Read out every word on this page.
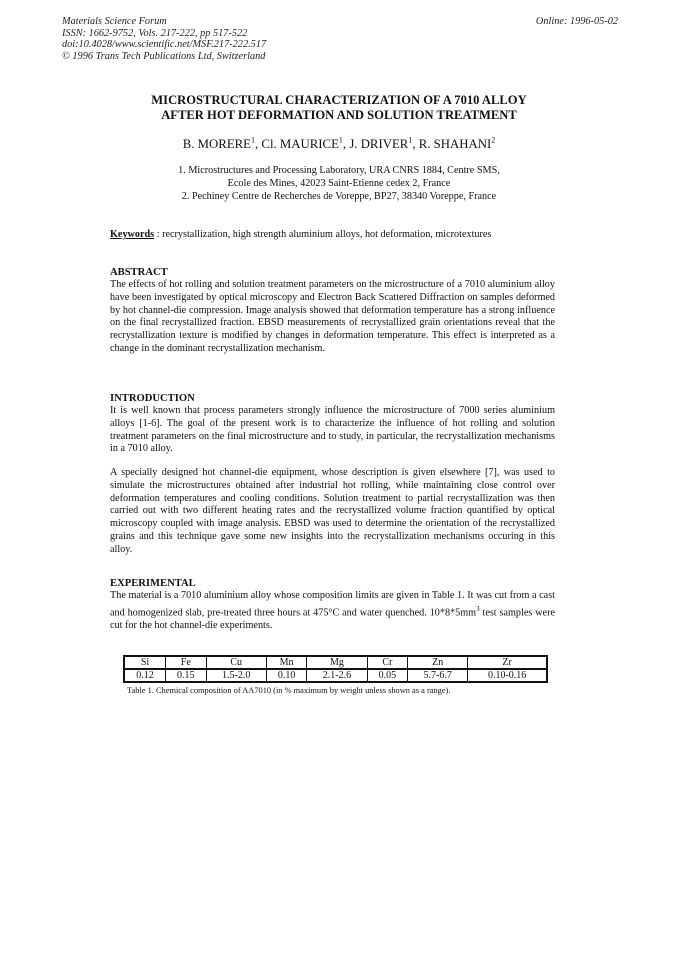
Materials Science Forum
ISSN: 1662-9752, Vols. 217-222, pp 517-522
doi:10.4028/www.scientific.net/MSF.217-222.517
© 1996 Trans Tech Publications Ltd, Switzerland
Online: 1996-05-02
MICROSTRUCTURAL CHARACTERIZATION OF A 7010 ALLOY
AFTER HOT DEFORMATION AND SOLUTION TREATMENT
B. MORERE$^1$, Cl. MAURICE$^1$, J. DRIVER$^1$, R. SHAHANI$^2$
1. Microstructures and Processing Laboratory, URA CNRS 1884, Centre SMS,
Ecole des Mines, 42023 Saint-Etienne cedex 2, France
2. Pechiney Centre de Recherches de Voreppe, BP27, 38340 Voreppe, France
Keywords : recrystallization, high strength aluminium alloys, hot deformation, microtextures
ABSTRACT

The effects of hot rolling and solution treatment parameters on the microstructure of a 7010 aluminium alloy have been investigated by optical microscopy and Electron Back Scattered Diffraction on samples deformed by hot channel-die compression. Image analysis showed that deformation temperature has a strong influence on the final recrystallized fraction. EBSD measurements of recrystallized grain orientations reveal that the recrystallization texture is modified by changes in deformation temperature. This effect is interpreted as a change in the dominant recrystallization mechanism.

INTRODUCTION

It is well known that process parameters strongly influence the microstructure of 7000 series aluminium alloys [1-6]. The goal of the present work is to characterize the influence of hot rolling and solution treatment parameters on the final microstructure and to study, in particular, the recrystallization mechanisms in a 7010 alloy.

A specially designed hot channel-die equipment, whose description is given elsewhere [7], was used to simulate the microstructures obtained after industrial hot rolling, while maintaining close control over deformation temperatures and cooling conditions. Solution treatment to partial recrystallization was then carried out with two different heating rates and the recrystallized volume fraction quantified by optical microscopy coupled with image analysis. EBSD was used to determine the orientation of the recrystallized grains and this technique gave some new insights into the recrystallization mechanisms occuring in this alloy.

EXPERIMENTAL

The material is a 7010 aluminium alloy whose composition limits are given in Table 1. It was cut from a cast and homogenized slab, pre-treated three hours at 475°C and water quenched. $10*8*5mm^3$ test samples were cut for the hot channel-die experiments.

Si	Fe	Cu	Mn	Mg	Cr	Zn	Zr
0.12	0.15	1.5-2.0	0.10	2.1-2.6	0.05	5.7-6.7	0.10-0.16
Table 1. Chemical composition of AA7010 (in % maximum by weight unless shown as a range).
